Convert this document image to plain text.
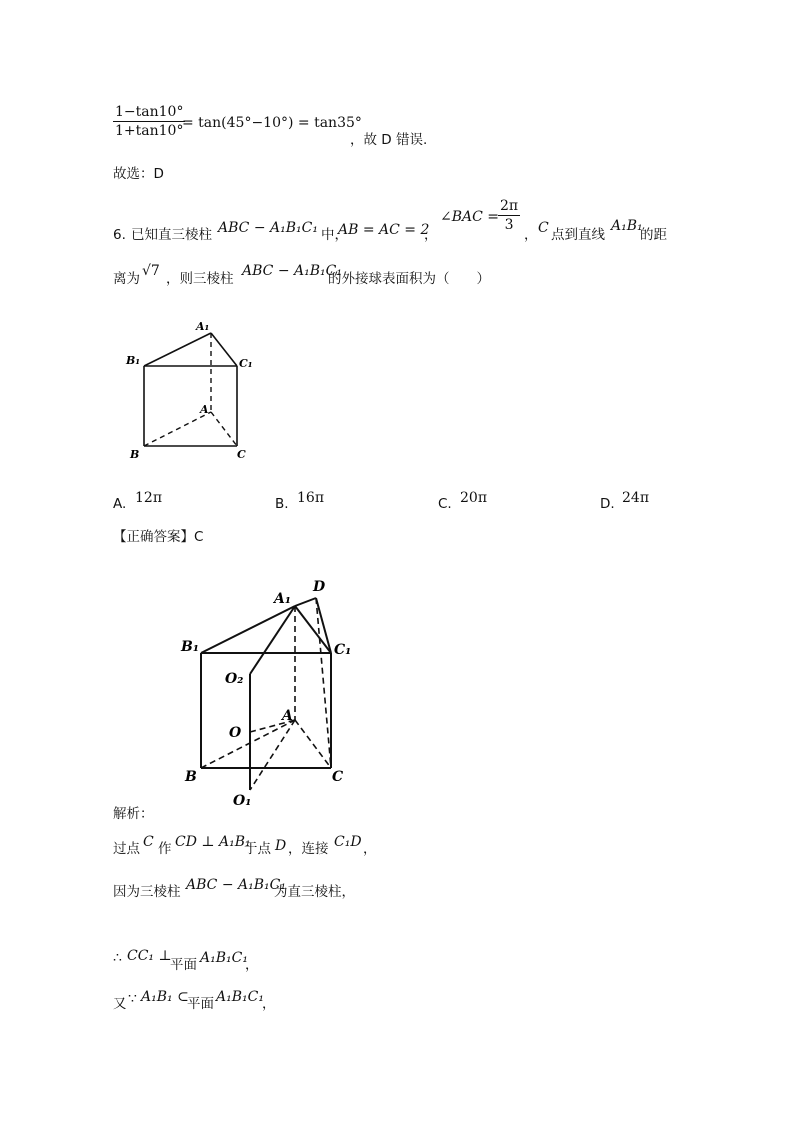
$\frac{1-\tan 10^\circ}{1+\tan 10^\circ}$
= tan(45°−10°) = tan35°
，故 D 错误.
故选：D
6. 已知直三棱柱 ABC − A₁B₁C₁ 中，
AB = AC = 2
，
∠BAC =
$\frac{2\pi}{3}$
， C 点到直线
A₁B₁
的距
离为 √7 ，则三棱柱 ABC − A₁B₁C₁
的外接球表面积为（　　）
A₁
B₁	C₁
A
B	C
A. 12π	B. 16π	C. 20π	D. 24π
【正确答案】C
A₁
D
B₁	C₁
O₂
O
A
B	C
O₁
解析：
过点 C 作 CD ⊥ A₁B₁
于点 D ，连接 C₁D ，
因为三棱柱 ABC − A₁B₁C₁
为直三棱柱，
∴ CC₁ ⊥
平面 A₁B₁C₁
，
又 ∵ A₁B₁ ⊂
平面 A₁B₁C₁
，
